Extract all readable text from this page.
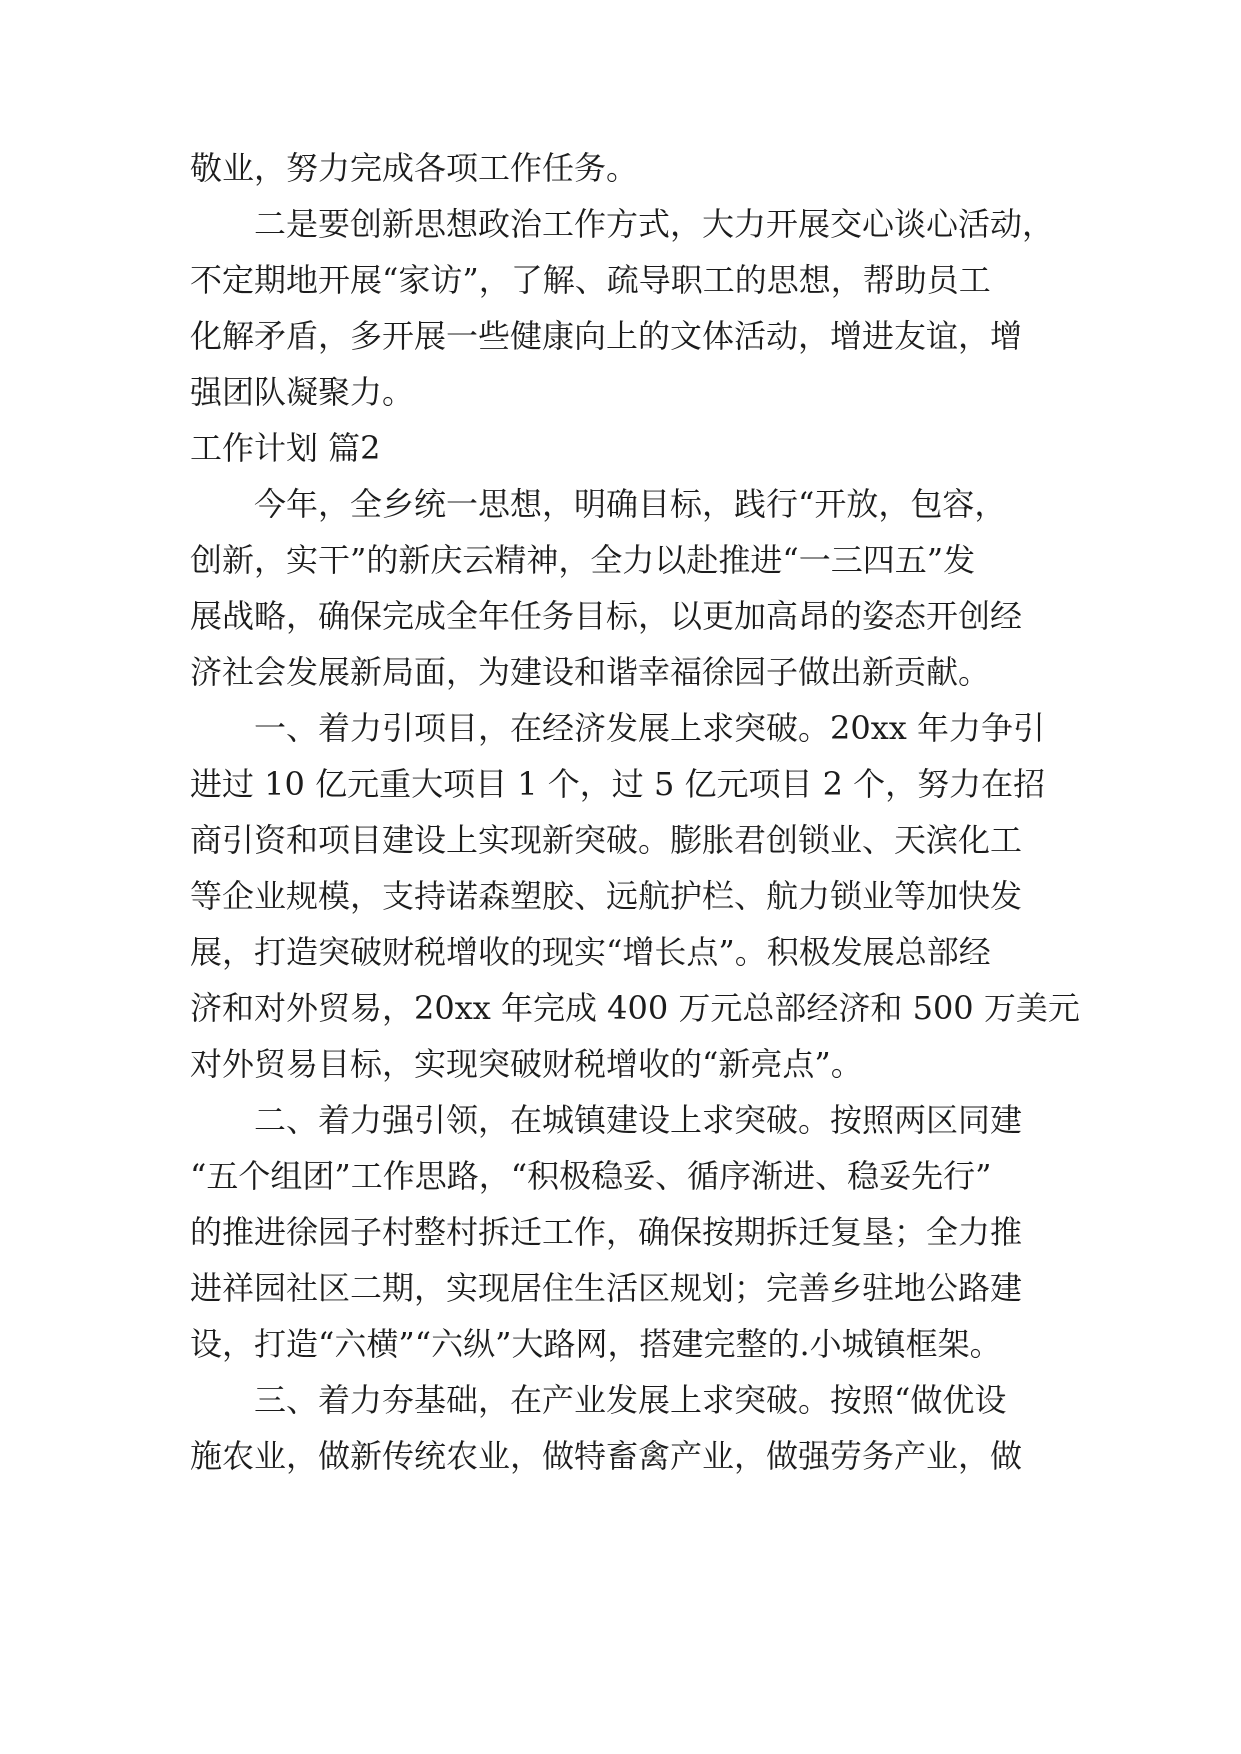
敬业，努力完成各项工作任务。
二是要创新思想政治工作方式，大力开展交心谈心活动，
不定期地开展“家访”，了解、疏导职工的思想，帮助员工
化解矛盾，多开展一些健康向上的文体活动，增进友谊，增
强团队凝聚力。
工作计划 篇2
今年，全乡统一思想，明确目标，践行“开放，包容，
创新，实干”的新庆云精神，全力以赴推进“一三四五”发
展战略，确保完成全年任务目标，以更加高昂的姿态开创经
济社会发展新局面，为建设和谐幸福徐园子做出新贡献。
一、着力引项目，在经济发展上求突破。20xx 年力争引
进过 10 亿元重大项目 1 个，过 5 亿元项目 2 个，努力在招
商引资和项目建设上实现新突破。膨胀君创锁业、天滨化工
等企业规模，支持诺森塑胶、远航护栏、航力锁业等加快发
展，打造突破财税增收的现实“增长点”。积极发展总部经
济和对外贸易，20xx 年完成 400 万元总部经济和 500 万美元
对外贸易目标，实现突破财税增收的“新亮点”。
二、着力强引领，在城镇建设上求突破。按照两区同建
“五个组团”工作思路，“积极稳妥、循序渐进、稳妥先行”
的推进徐园子村整村拆迁工作，确保按期拆迁复垦；全力推
进祥园社区二期，实现居住生活区规划；完善乡驻地公路建
设，打造“六横”“六纵”大路网，搭建完整的.小城镇框架。
三、着力夯基础，在产业发展上求突破。按照“做优设
施农业，做新传统农业，做特畜禽产业，做强劳务产业，做
